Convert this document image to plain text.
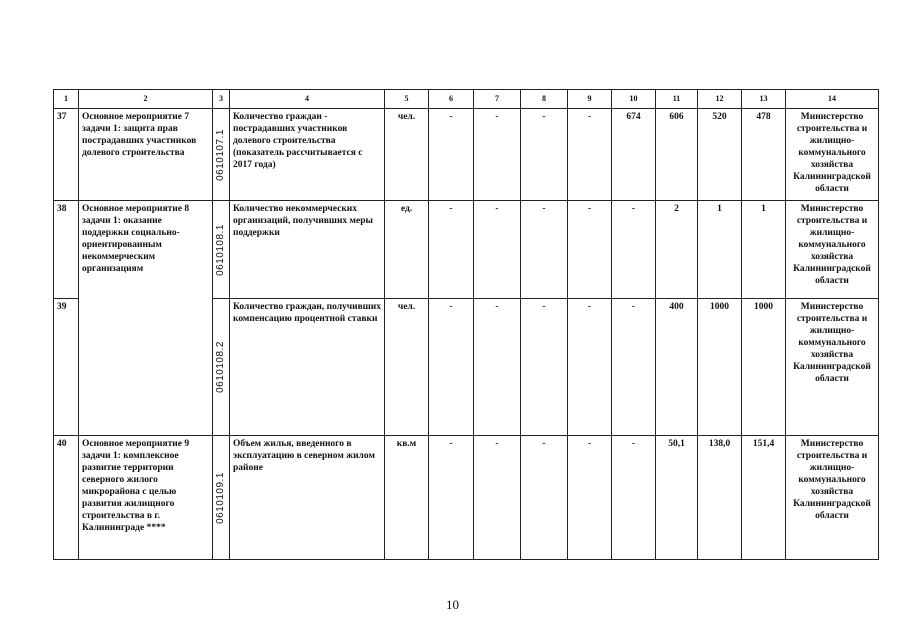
1	2	3	4	5	6	7	8	9	10	11	12	13	14
37	Основное мероприятие 7 задачи 1: защита прав пострадавших участников долевого строительства	0610107.1	Количество граждан - пострадавших участников долевого строительства (показатель рассчитывается с 2017 года)	чел.	-	-	-	-	674	606	520	478	Министерство строительства и жилищно-коммунального хозяйства Калининградской области
38	Основное мероприятие 8 задачи 1: оказание поддержки социально-ориентированным некоммерческим организациям	0610108.1	Количество некоммерческих организаций, получивших меры поддержки	ед.	-	-	-	-	-	2	1	1	Министерство строительства и жилищно-коммунального хозяйства Калининградской области
39		0610108.2	Количество граждан, получивших компенсацию процентной ставки	чел.	-	-	-	-	-	400	1000	1000	Министерство строительства и жилищно-коммунального хозяйства Калининградской области
40	Основное мероприятие 9 задачи 1: комплексное развитие территории северного жилого микрорайона с целью развития жилищного строительства в г. Калининграде ****	0610109.1	Объем жилья, введенного в эксплуатацию в северном жилом районе	кв.м	-	-	-	-	-	50,1	138,0	151,4	Министерство строительства и жилищно-коммунального хозяйства Калининградской области
10
